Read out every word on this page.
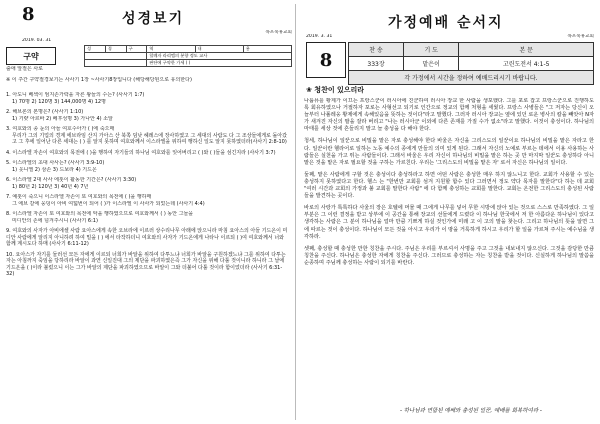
8	성경보기
목포북휴교회
2019. 03. 31
구약
성	경	구	역	내	용
			할례자 라리엘의 분향 정도 교사		
			판단에 구약한 가세 ( )		
출애 앞절은 사로
※ 이 주간 구약절경보기는 사사기 1장 ~사사기8장입니다 (해당해당된으로 유의한다)
1. 아도니 베섹이 엄지손가락을 자른 왕들의 수는? (사사기 1:7)
1) 70명 2) 120명 3) 144,000명 4) 12명
2. 해브론의 본명은? (사사기 1:10)
1) 기럇 아르바 2) 베후성명 3) 가나안 4) 소알
3. 여호와의 종 눈의 아들 여호수아가 ( )에 죽으매
무리가 그의 기업의 경계 에브라임 산지 가아스 산 북쪽 딤낫 헤레스에 장사하였고 그 세대의 사람도 다 그 조상들에게로 돌아갔고 그 후에 일어난 다른 세대는 ( ) 를 알지 못하며 여호와께서 이스라엘을 위하여 행하신 일도 알지 못하였더라(사사기 2:8-10)
4. 이스라엘 자손이 여호와의 목전에 ( )을 행하여 자기들의 하나님 여호와를 잊어버리고 ( )와 ( )들을 섬긴지라 (사사기 3:7)
5. 이스라엘의 초대 사사는? (사사기 3:9-10)
1) 옷니엘 2) 삼손 3) 드보라 4) 기드온
6. 이스라엘 2대 사사 에훗이 활동한 기간은? (사사기 3:30)
1) 80년 2) 120년 3) 40년 4) 7년
7. 예훗이 죽으니 이스라엘 자손이 또 여호와의 목전에 ( )을 행하매
그 에브 갈에 웅덩이 아비 여덟번이 되어 ( )가 이스라엘 이 사사가 되었는데 (사사기 4:4)
8. 이스라엘 자손이 또 여호와의 목전에 악을 행하였으므로 여호와께서 ( ) 동안 그들을
미디안의 손에 넘겨주시니 (사사기 6:1)
9. 여호와의 사자가 아비에셀 사람 요아스에게 속한 오브라에 이르러 상수리나무 아래에 앉으니라 마침 요아스의 아들 기드온이 미디안 사람에게 알리지 아니하려 하여 밀을 ( ) 에서 타작하더니 여호와의 사자가 기드온에게 나타나 이르되 ( )여 여호와께서 너와 함께 계시도다 하매 (사사기 6:11-12)
10. 요아스가 자기를 둘러선 모든 자에게 이르되 너희가 바알을 위하여 다투느냐 너희가 바알을 구원하겠느냐 그를 위하여 다투는 자는 아침까지 죽임을 당하리라 바알이 과연 신일진대 그의 제단을 파괴하였은즉 그가 자신을 위해 다툴 것이니라 하니라 그 날에 기드온을 ( )이라 불렀으니 이는 그가 바알의 제단을 파괴하였으므로 바알이 그와 더불어 다툴 것이라 함이었더라 (사사기 6:31-32)
가정예배 순서지
2019. 3. 31	목포북휴교회
8	찬 송	기 도	본 문
333장	맡은이	고린도전서 4:1-5
각 가정에서 시간을 정하여 예배드리시기 바랍니다.		
❀ 청찬이 있으리라
나룹퓨를 황제가 이끄는 프랑스군이 러시아에 진군하여 러시아 장교 한 사람을 생포했다. 그를 포로 잡고 프랑스군으로 진행하도록 회유하였으나 거절하자 포로는 사형선고 되기로 인간으로 정교의 함께 처형을 세웠다. 프랑스 사병들은 "그 저자는 당신이 오늘부터 나폴레옹 황제에게 속해있음을 뜻하는 것이다"라고 말했다. 그러자 러시아 장교는 옆에 있던 로운 병사의 칼을 빼앗아 N자가 새겨진 자신의 팔을 잘라 버리고 "나는 러시아군 이외에 다른 존재를 가질 수가 없소"라고 말했다. 이것이 충성이다. 하나님의 마태를 세상 것에 흔들리지 말고 늘 충성을 다 해야 한다.
청세, 하나님이 일꾼으로 비밀을 맡은 자로 충성해야 한다 바울은 자신을 그리스도의 일꾼이요 하나님의 비밀을 맡은 자라고 한다. 일꾼이란 헬라어로 일하는 노동 예수의 종에게 만들의 의미 있게 된다. 그래서 자신의 노예로 부르는 데에서 이용 사용하는 사람들은 실천을 가고 뛰는 사람들이다. 그래서 바울은 우리 자신이 하나님의 비밀을 맡은 하는 곳 만 마지막 일꾼도 충성하다 아니 맡은 것을 맡은 자로 필요할 것을 구하는 가르친다. 우리는 '그리스도의 비밀을 맡은 자' 로서 자신은 하나님의 일이다.
둘째, 맡은 사람에게 구할 것은 충성이다 충성하라고 하면 어떤 사람은 충성한 매우 하지 않느니고 한다. 교회가 사용할 수 있는 충성하지 못하였다고 한다. 헬스 는 "한번만 교회를 섬겨 지원할 합수 있다 그러면서 정도 약다 목자를 말한다"다 하는 데 교회 "여러 시간과 교회의 가정과 불 교회를 말한다 사람" 에 다 함께 충성하는 교회를 말한다. 교회는 온전한 그리스도의 충성된 사람들을 발견하는 곳이다.
바로의 사랑가 톡톡하다 사울의 장은 호텔에 머물 때 그에게 나무를 넣어 무한 시방에 앉아 있는 것으로 스스로 만족하였다. 그 일부분은 그 이런 결정을 받고 상부에 이 공간을 통해 장교의 선들에게 드렸다 이 하나님 한국에서 저 한 아름다운 하나님이 있다고 생각하는 사람은 그 분이 하나님을 얼마 만큼 기쁘게 하실 것인가에 미래 고 이 고의 말을 찾는다. 그리고 하나님의 뜻을 알면 그에 따르는 것이 충성이다. 하나님이 모든 것을 아시고 우리가 이 땅을 거룩하게 하시고 우리가 할 일을 가르쳐 주시는 예수님을 생각하라.
셋째, 충성할 때 충성한 만한 칭찬을 주시다. 주님은 우리를 부르셔서 사명을 주고 그것을 내보내지 않으신다. 그것을 감당한 만큼 칭찬을 주신다. 하나님은 충성한 자에게 칭찬을 주신다. 그러므로 충성하는 자는 칭찬을 받을 것이다. 신실하게 하나님의 말씀을 순종하며 주님께 충성하는 사람이 되기를 바란다.
- 하나님과 연합된 예배와 충성된 일꾼, 예배를 회복하여라 -
